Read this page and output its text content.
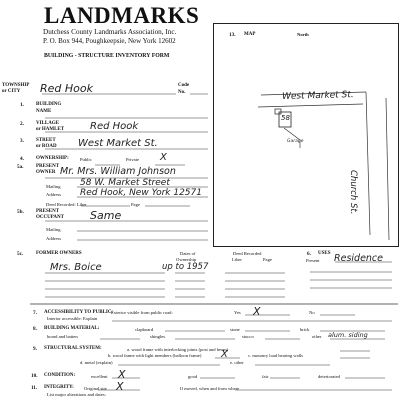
LANDMARKS
Dutchess County Landmarks Association, Inc.
P. O. Box 944, Poughkeepsie, New York 12602
BUILDING - STRUCTURE INVENTORY FORM
13. MAP	North
West Market St.
Church St.
58
Garage
TOWNSHIP
or CITY Red Hook	Code
No.
1. BUILDING
NAME
2. VILLAGE
or HAMLET	Red Hook
3. STREET
or ROAD West Market St.
4. OWNERSHIP: Public	Private X
5a.	PRESENT
OWNER Mr. Mrs. William Johnson
Mailing
Address
58 W. Market Street
Red Hook, New York 12571
Deed Recorded: Liber	Page
5b. PRESENT
OCCUPANT Same
Mailing
Address
5c.	FORMER OWNERS	Dates of
Ownership
Deed Recorded
Liber	Page
Mrs. Boice	up to 1957
6. USES
Present Residence
7. ACCESSIBILITY TO PUBLIC:
Exterior visible from public road:	Yes X	No
Interior accessible: Explain
8. BUILDING MATERIAL:	clapboard	stone	brick
board and batten	shingles	stucco	other alum. siding
9. STRUCTURAL SYSTEM:	a. wood frame with interlocking joints (post and beam)
b. wood frame with light members (balloon frame) X	c. masonry load bearing walls
d. metal (explain)	e. other
10. CONDITION:	excellent X	good	fair	deteriorated
11. INTEGRITY: Original site X	If moved, when and from where
List major alterations and dates:
